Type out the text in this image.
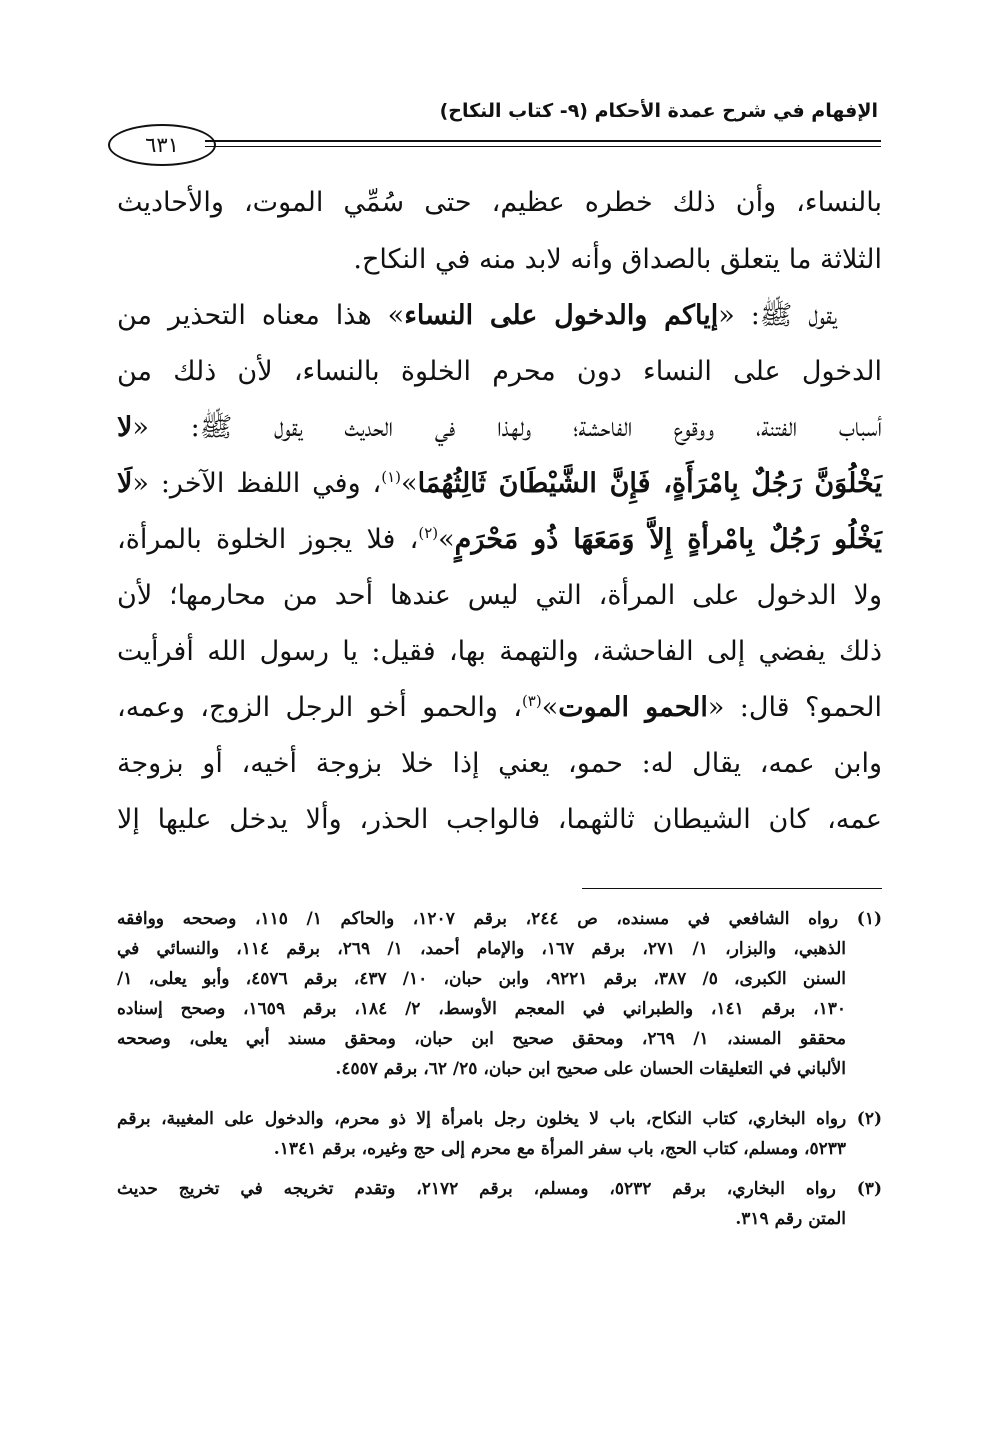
الإفهام في شرح عمدة الأحكام (٩- كتاب النكاح)
٦٣١
بالنساء، وأن ذلك خطره عظيم، حتى سُمِّي الموت، والأحاديث
الثلاثة ما يتعلق بالصداق وأنه لابد منه في النكاح.
يقول ﷺ: «إياكم والدخول على النساء» هذا معناه التحذير من
الدخول على النساء دون محرم الخلوة بالنساء، لأن ذلك من
أسباب الفتنة، ووقوع الفاحشة؛ ولهذا في الحديث يقول ﷺ: «لا
يَخْلُوَنَّ رَجُلٌ بِامْرَأَةٍ، فَإِنَّ الشَّيْطَانَ ثَالِثُهُمَا»$^{(١)}$، وفي اللفظ الآخر: «لَا
يَخْلُو رَجُلٌ بِامْرأةٍ إِلاَّ وَمَعَهَا ذُو مَحْرَمٍ»$^{(٢)}$، فلا يجوز الخلوة بالمرأة،
ولا الدخول على المرأة، التي ليس عندها أحد من محارمها؛ لأن
ذلك يفضي إلى الفاحشة، والتهمة بها، فقيل: يا رسول الله أفرأيت
الحمو؟ قال: «الحمو الموت»$^{(٣)}$، والحمو أخو الرجل الزوج، وعمه،
وابن عمه، يقال له: حمو، يعني إذا خلا بزوجة أخيه، أو بزوجة
عمه، كان الشيطان ثالثهما، فالواجب الحذر، وألا يدخل عليها إلا
(١) رواه الشافعي في مسنده، ص ٢٤٤، برقم ١٢٠٧، والحاكم ١/ ١١٥، وصححه ووافقه
الذهبي، والبزار، ١/ ٢٧١، برقم ١٦٧، والإمام أحمد، ١/ ٢٦٩، برقم ١١٤، والنسائي في
السنن الكبرى، ٥/ ٣٨٧، برقم ٩٢٢١، وابن حبان، ١٠/ ٤٣٧، برقم ٤٥٧٦، وأبو يعلى، ١/
١٣٠، برقم ١٤١، والطبراني في المعجم الأوسط، ٢/ ١٨٤، برقم ١٦٥٩، وصحح إسناده
محققو المسند، ١/ ٢٦٩، ومحقق صحيح ابن حبان، ومحقق مسند أبي يعلى، وصححه
الألباني في التعليقات الحسان على صحيح ابن حبان، ٢٥/ ٦٢، برقم ٤٥٥٧.
(٢) رواه البخاري، كتاب النكاح، باب لا يخلون رجل بامرأة إلا ذو محرم، والدخول على المغيبة، برقم
٥٢٣٣، ومسلم، كتاب الحج، باب سفر المرأة مع محرم إلى حج وغيره، برقم ١٣٤١.
(٣) رواه البخاري، برقم ٥٢٣٢، ومسلم، برقم ٢١٧٢، وتقدم تخريجه في تخريج حديث
المتن رقم ٣١٩.
